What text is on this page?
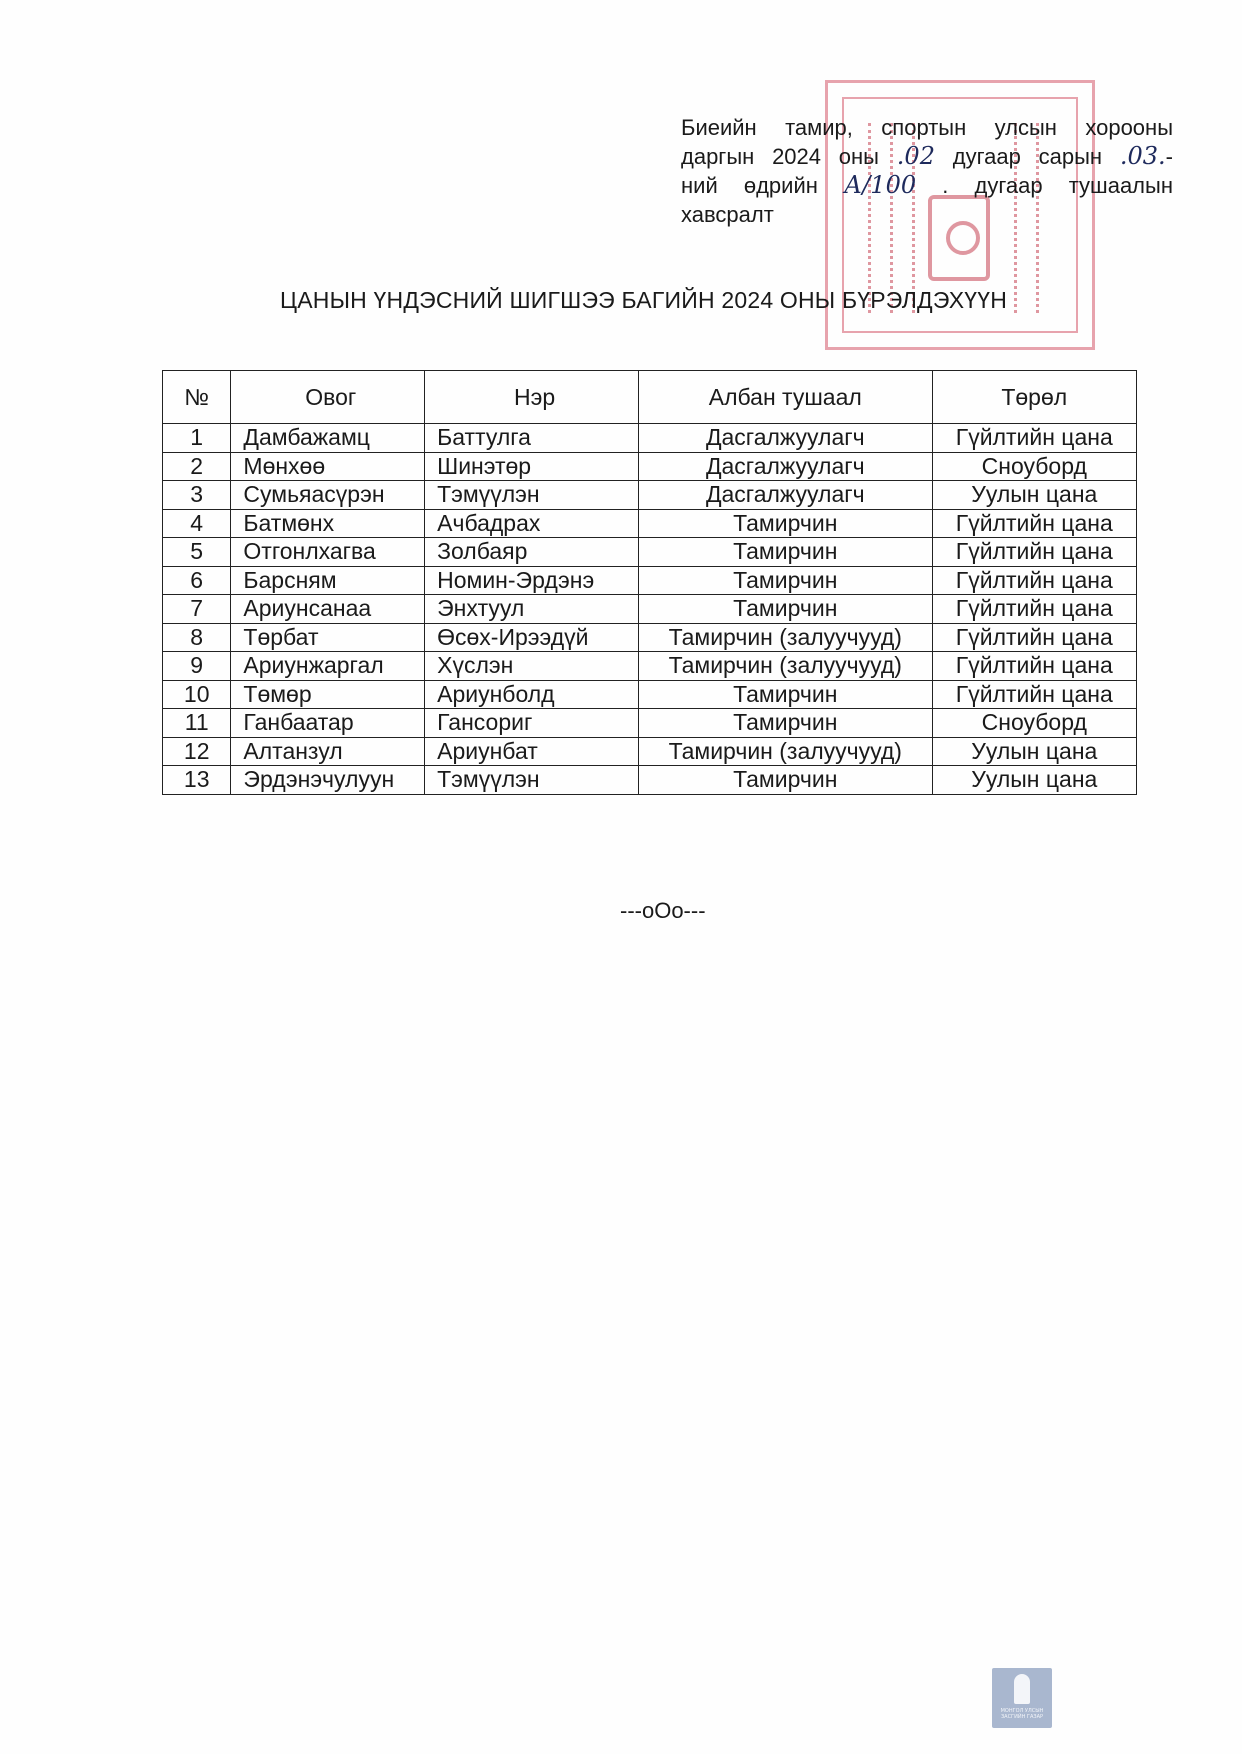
Биеийн тамир, спортын улсын хорооны
даргын 2024 оны .02 дугаар сарын .03.-
ний өдрийн А/100 . дугаар тушаалын
хавсралт
ЦАНЫН ҮНДЭСНИЙ ШИГШЭЭ БАГИЙН 2024 ОНЫ БҮРЭЛДЭХҮҮН
№	Овог	Нэр	Албан тушаал	Төрөл
1	Дамбажамц	Баттулга	Дасгалжуулагч	Гүйлтийн цана
2	Мөнхөө	Шинэтөр	Дасгалжуулагч	Сноуборд
3	Сумьяасүрэн	Тэмүүлэн	Дасгалжуулагч	Уулын цана
4	Батмөнх	Ачбадрах	Тамирчин	Гүйлтийн цана
5	Отгонлхагва	Золбаяр	Тамирчин	Гүйлтийн цана
6	Барсням	Номин-Эрдэнэ	Тамирчин	Гүйлтийн цана
7	Ариунсанаа	Энхтуул	Тамирчин	Гүйлтийн цана
8	Төрбат	Өсөх-Ирээдүй	Тамирчин (залуучууд)	Гүйлтийн цана
9	Ариунжаргал	Хүслэн	Тамирчин (залуучууд)	Гүйлтийн цана
10	Төмөр	Ариунболд	Тамирчин	Гүйлтийн цана
11	Ганбаатар	Гансориг	Тамирчин	Сноуборд
12	Алтанзул	Ариунбат	Тамирчин (залуучууд)	Уулын цана
13	Эрдэнэчулуун	Тэмүүлэн	Тамирчин	Уулын цана
---оОо---
МОНГОЛ УЛСЫН ЗАСГИЙН ГАЗАР
